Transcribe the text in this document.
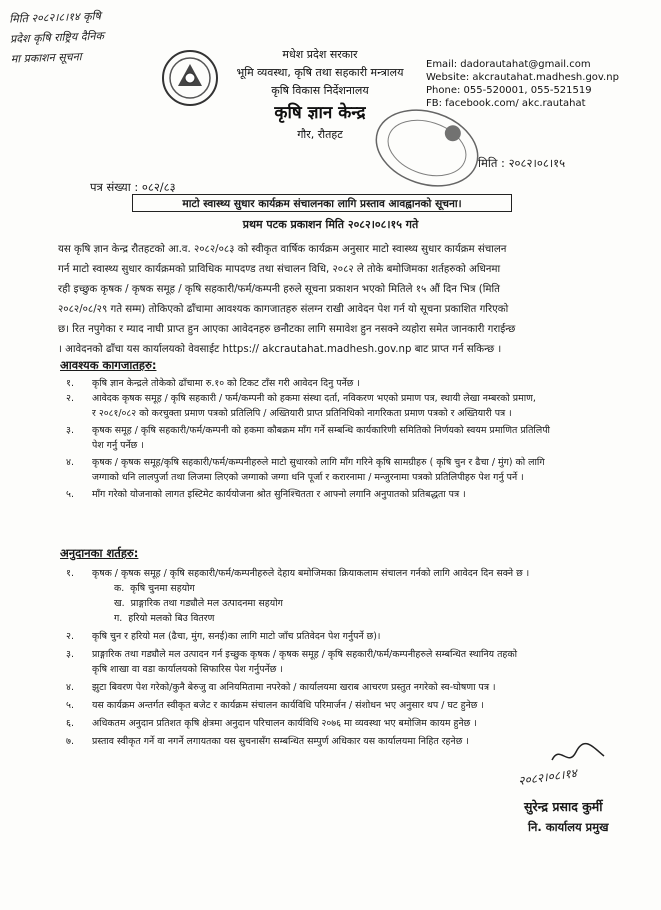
मिति २०८२।८।१४ कृषि
प्रदेश कृषि राष्ट्रिय दैनिक
मा प्रकाशन सूचना	मधेश प्रदेश सरकार
भूमि व्यवस्था, कृषि तथा सहकारी मन्त्रालय
कृषि विकास निर्देशनालय
कृषि ज्ञान केन्द्र
गौर, रौतहट
Email: dadorautahat@gmail.com
Website: akcrautahat.madhesh.gov.np
Phone: 055-520001, 055-521519
FB: facebook.com/ akc.rautahat
पत्र संख्या : ०८२/८३
मिति : २०८२।०८।१५
माटो स्वास्थ्य सुधार कार्यक्रम संचालनका लागि प्रस्ताव आवह्वानको सूचना।
प्रथम पटक प्रकाशन मिति २०८२।०८।१५ गते
यस कृषि ज्ञान केन्द्र रौतहटको आ.व. २०८२/०८३ को स्वीकृत वार्षिक कार्यक्रम अनुसार माटो स्वास्थ्य सुधार कार्यक्रम संचालन
गर्न माटो स्वास्थ्य सुधार कार्यक्रमको प्राविधिक मापदण्ड तथा संचालन विधि, २०८२ ले तोके बमोजिमका शर्तहरुको अधिनमा
रही इच्छुक कृषक / कृषक समूह / कृषि सहकारी/फर्म/कम्पनी हरुले सूचना प्रकाशन भएको मितिले १५ औं दिन भित्र (मिति
२०८२/०८/२९ गते सम्म) तोकिएको ढाँचामा आवश्यक कागजातहरु संलग्न राखी आवेदन पेश गर्न यो सूचना प्रकाशित गरिएको
छ। रित नपुगेका र म्याद नाघी प्राप्त हुन आएका आवेदनहरु छनौटका लागि समावेश हुन नसक्ने व्यहोरा समेत जानकारी गराईन्छ
। आवेदनको ढाँचा यस कार्यालयको वेवसाईट https:// akcrautahat.madhesh.gov.np बाट प्राप्त गर्न सकिन्छ ।
आवश्यक कागजातहरु:
१. कृषि ज्ञान केन्द्रले तोकेको ढाँचामा रु.१० को टिकट टाँस गरी आवेदन दिनु पर्नेछ ।
२. आवेदक कृषक समूह / कृषि सहकारी / फर्म/कम्पनी को हकमा संस्था दर्ता, नविकरण भएको प्रमाण पत्र, स्थायी लेखा नम्बरको प्रमाण,
र २०८१/०८२ को करचुक्ता प्रमाण पत्रको प्रतिलिपि / अख्तियारी प्राप्त प्रतिनिधिको नागरिकता प्रमाण पत्रको र अख्तियारी पत्र ।
३. कृषक समूह / कृषि सहकारी/फर्म/कम्पनी को हकमा कौबक्रम माँग गर्ने सम्बन्धि कार्यकारिणी समितिको निर्णयको स्वयम प्रमाणित प्रतिलिपी
पेश गर्नु पर्नेछ ।
४. कृषक / कृषक समूह/कृषि सहकारी/फर्म/कम्पनीहरुले माटो सुधारको लागि माँग गरिने कृषि सामग्रीहरु ( कृषि चुन र ढैचा / मुंग) को लागि
जग्गाको धनि लालपुर्जा तथा लिजमा लिएको जग्गाको जग्गा धनि पूर्जा र करारनामा / मन्जुरनामा पत्रको प्रतिलिपीहरु पेश गर्नु पर्ने ।
५. माँग गरेको योजनाको लागत इस्टिमेट कार्ययोजना श्रोत सुनिश्चितता र आफ्नो लगानि अनुपातको प्रतिबद्धता पत्र ।
अनुदानका शर्तहरु:
१. कृषक / कृषक समूह / कृषि सहकारी/फर्म/कम्पनीहरुले देहाय बमोजिमका क्रियाकलाम संचालन गर्नको लागि आवेदन दिन सक्ने छ ।
क. कृषि चुनमा सहयोग
ख. प्राङ्गारिक तथा गड्यौले मल उत्पादनमा सहयोग
ग. हरियो मलको बिउ वितरण
२. कृषि चुन र हरियो मल (ढैचा, मुंग, सनई)का लागि माटो जाँच प्रतिवेदन पेश गर्नुपर्ने छ)।
३. प्राङ्गारिक तथा गड्यौले मल उत्पादन गर्न इच्छुक कृषक / कृषक समूह / कृषि सहकारी/फर्म/कम्पनीहरुले सम्बन्धित स्थानिय तहको
कृषि शाखा वा वडा कार्यालयको सिफारिस पेश गर्नुपर्नेछ ।
४. झुटा बिवरण पेश गरेको/कुनै बेरुजु वा अनियमितामा नपरेको / कार्यालयमा खराब आचरण प्रस्तुत नगरेको स्व-घोषणा पत्र ।
५. यस कार्यक्रम अन्तर्गत स्वीकृत बजेट र कार्यक्रम संचालन कार्यविधि परिमार्जन / संशोधन भए अनुसार थप / घट हुनेछ ।
६. अधिकतम अनुदान प्रतिशत कृषि क्षेत्रमा अनुदान परिचालन कार्यविधि २०७६ मा व्यवस्था भए बमोजिम कायम हुनेछ ।
७. प्रस्ताव स्वीकृत गर्ने वा नगर्ने लगायतका यस सुचनासँग सम्बन्धित सम्पुर्ण अधिकार यस कार्यालयमा निहित रहनेछ ।
२०८२।०८।१४
सुरेन्द्र प्रसाद कुर्मी
नि. कार्यालय प्रमुख
